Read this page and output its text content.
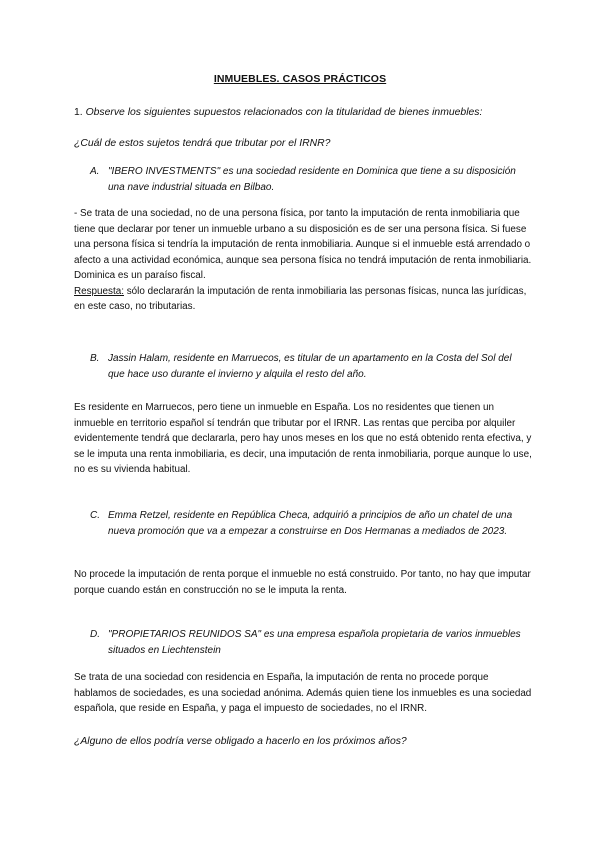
INMUEBLES. CASOS PRÁCTICOS
1. Observe los siguientes supuestos relacionados con la titularidad de bienes inmuebles:
¿Cuál de estos sujetos tendrá que tributar por el IRNR?
A. "IBERO INVESTMENTS" es una sociedad residente en Dominica que tiene a su disposición una nave industrial situada en Bilbao.

- Se trata de una sociedad, no de una persona física, por tanto la imputación de renta inmobiliaria que tiene que declarar por tener un inmueble urbano a su disposición es de ser una persona física. Si fuese una persona física si tendría la imputación de renta inmobiliaria. Aunque si el inmueble está arrendado o afecto a una actividad económica, aunque sea persona física no tendrá imputación de renta inmobiliaria.

Dominica es un paraíso fiscal.

Respuesta: sólo declararán la imputación de renta inmobiliaria las personas físicas, nunca las jurídicas, en este caso, no tributarias.

B. Jassin Halam, residente en Marruecos, es titular de un apartamento en la Costa del Sol del que hace uso durante el invierno y alquila el resto del año.

Es residente en Marruecos, pero tiene un inmueble en España. Los no residentes que tienen un inmueble en territorio español sí tendrán que tributar por el IRNR. Las rentas que perciba por alquiler evidentemente tendrá que declararla, pero hay unos meses en los que no está obtenido renta efectiva, y se le imputa una renta inmobiliaria, es decir, una imputación de renta inmobiliaria, porque aunque lo use, no es su vivienda habitual.

C. Emma Retzel, residente en República Checa, adquirió a principios de año un chatel de una nueva promoción que va a empezar a construirse en Dos Hermanas a mediados de 2023.

No procede la imputación de renta porque el inmueble no está construido. Por tanto, no hay que imputar porque cuando están en construcción no se le imputa la renta.

D. "PROPIETARIOS REUNIDOS SA" es una empresa española propietaria de varios inmuebles situados en Liechtenstein

Se trata de una sociedad con residencia en España, la imputación de renta no procede porque hablamos de sociedades, es una sociedad anónima. Además quien tiene los inmuebles es una sociedad española, que reside en España, y paga el impuesto de sociedades, no el IRNR.

¿Alguno de ellos podría verse obligado a hacerlo en los próximos años?
